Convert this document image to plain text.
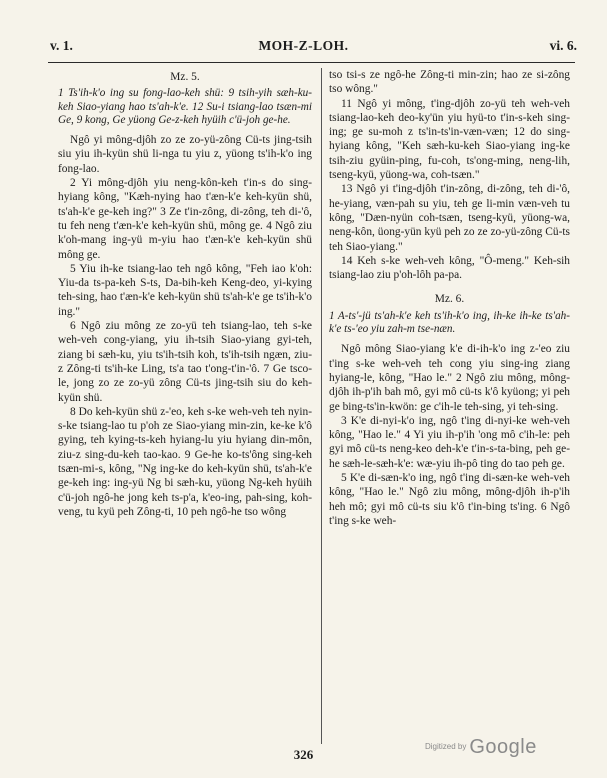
v. 1.	MOH-Z-LOH.	vi. 6.

Mz. 5.

1 Ts'ih-k'o ing su fong-lao-keh shü: 9 tsih-yih sæh-ku-keh Siao-yiang hao ts'ah-k'e. 12 Su-i tsiang-lao tsæn-mi Ge, 9 kong, Ge yüong Ge-z-keh hyüih c'ü-joh ge-he.

Ngô yi mông-djôh zo ze zo-yü-zông Cü-ts jing-tsih siu yiu ih-kyün shü li-nga tu yiu z, yüong ts'ih-k'o ing fong-lao.

2 Yi mông-djôh yiu neng-kôn-keh t'in-s do sing-hyiang kông, "Kæh-nying hao t'æn-k'e keh-kyün shü, ts'ah-k'e ge-keh ing?" 3 Ze t'in-zông, di-zông, teh di-'ô, tu feh neng t'æn-k'e keh-kyün shü, mông ge. 4 Ngô ziu k'oh-mang ing-yü m-yiu hao t'æn-k'e keh-kyün shü mông ge.

5 Yiu ih-ke tsiang-lao teh ngô kông, "Feh iao k'oh: Yiu-da ts-pa-keh S-ts, Da-bih-keh Keng-deo, yi-kying teh-sing, hao t'æn-k'e keh-kyün shü ts'ah-k'e ge ts'ih-k'o ing."

6 Ngô ziu mông ze zo-yü teh tsiang-lao, teh s-ke weh-veh cong-yiang, yiu ih-tsih Siao-yiang gyi-teh, ziang bi sæh-ku, yiu ts'ih-tsih koh, ts'ih-tsih ngæn, ziu-z Zông-ti ts'ih-ke Ling, ts'a tao t'ong-t'in-'ô. 7 Ge tsco-le, jong zo ze zo-yü zông Cü-ts jing-tsih siu do keh-kyün shü.

8 Do keh-kyün shü z-'eo, keh s-ke weh-veh teh nyin-s-ke tsiang-lao tu p'oh ze Siao-yiang min-zin, ke-ke k'ô gying, teh kying-ts-keh hyiang-lu yiu hyiang din-môn, ziu-z sing-du-keh tao-kao. 9 Ge-he ko-ts'ông sing-keh tsæn-mi-s, kông, "Ng ing-ke do keh-kyün shü, ts'ah-k'e ge-keh ing: ing-yü Ng bi sæh-ku, yüong Ng-keh hyüih c'ü-joh ngô-he jong keh ts-p'a, k'eo-ing, pah-sing, koh-veng, tu kyü peh Zông-ti, 10 peh ngô-he tso wông

tso tsi-s ze ngô-he Zông-ti min-zin; hao ze si-zông tso wông."

11 Ngô yi mông, t'ing-djôh zo-yü teh weh-veh tsiang-lao-keh deo-ky'ün yiu hyü-to t'in-s-keh sing-ing; ge su-moh z ts'in-ts'in-væn-væn; 12 do sing-hyiang kông, "Keh sæh-ku-keh Siao-yiang ing-ke tsih-ziu gyüin-ping, fu-coh, ts'ong-ming, neng-lih, tseng-kyü, yüong-wa, coh-tsæn."

13 Ngô yi t'ing-djôh t'in-zông, di-zông, teh di-'ô, he-yiang, væn-pah su yiu, teh ge li-min væn-veh tu kông, "Dæn-nyün coh-tsæn, tseng-kyü, yüong-wa, neng-kôn, üong-yün kyü peh zo ze zo-yü-zông Cü-ts teh Siao-yiang."

14 Keh s-ke weh-veh kông, "Ô-meng." Keh-sih tsiang-lao ziu p'oh-lôh pa-pa.

Mz. 6.

1 A-ts'-jü ts'ah-k'e keh ts'ih-k'o ing, ih-ke ih-ke ts'ah-k'e ts-'eo yiu zah-m tse-næn.

Ngô mông Siao-yiang k'e di-ih-k'o ing z-'eo ziu t'ing s-ke weh-veh teh cong yiu sing-ing ziang hyiang-le, kông, "Hao le." 2 Ngô ziu mông, mông-djôh ih-p'ih bah mô, gyi mô cü-ts k'ô kyüong; yi peh ge bing-ts'in-kwön: ge c'ih-le teh-sing, yi teh-sing.

3 K'e di-nyi-k'o ing, ngô t'ing di-nyi-ke weh-veh kông, "Hao le." 4 Yi yiu ih-p'ih 'ong mô c'ih-le: peh gyi mô cü-ts neng-keo deh-k'e t'in-s-ta-bing, peh ge-he sæh-le-sæh-k'e: wæ-yiu ih-pô ting do tao peh ge.

5 K'e di-sæn-k'o ing, ngô t'ing di-sæn-ke weh-veh kông, "Hao le." Ngô ziu mông, mông-djôh ih-p'ih heh mô; gyi mô cü-ts siu k'ô t'in-bing ts'ing. 6 Ngô t'ing s-ke weh-

326
$^{Digitized by}$ Google
